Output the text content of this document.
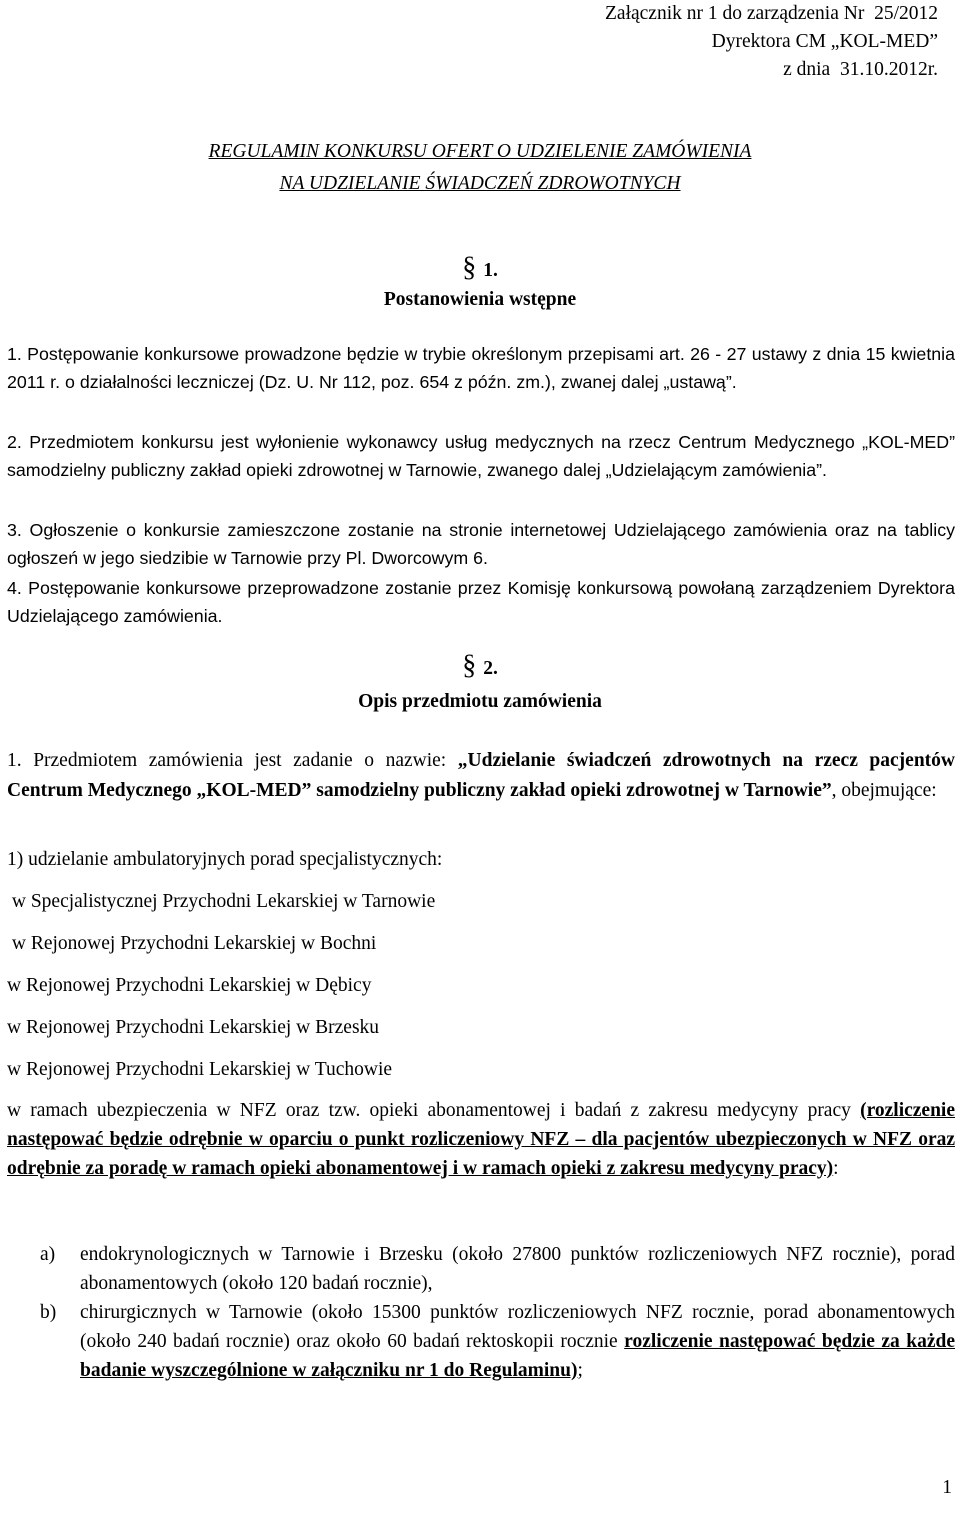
Załącznik nr 1 do zarządzenia Nr  25/2012
Dyrektora CM „KOL-MED”
z dnia  31.10.2012r.
REGULAMIN KONKURSU OFERT O UDZIELENIE ZAMÓWIENIA
NA UDZIELANIE ŚWIADCZEŃ ZDROWOTNYCH
§ 1.
Postanowienia wstępne
1. Postępowanie konkursowe prowadzone będzie w trybie określonym przepisami art. 26 - 27 ustawy z dnia 15 kwietnia 2011 r. o działalności leczniczej (Dz. U. Nr 112, poz. 654 z późn. zm.), zwanej dalej „ustawą”.
2. Przedmiotem konkursu jest wyłonienie wykonawcy usług medycznych na rzecz Centrum Medycznego „KOL-MED” samodzielny publiczny zakład opieki zdrowotnej w Tarnowie, zwanego dalej „Udzielającym zamówienia”.
3. Ogłoszenie o konkursie zamieszczone zostanie na stronie internetowej Udzielającego zamówienia oraz na tablicy ogłoszeń w jego siedzibie w Tarnowie przy Pl. Dworcowym 6.
4. Postępowanie konkursowe przeprowadzone zostanie przez Komisję konkursową powołaną zarządzeniem Dyrektora Udzielającego zamówienia.
§ 2.
Opis przedmiotu zamówienia
1. Przedmiotem zamówienia jest zadanie o nazwie: „Udzielanie świadczeń zdrowotnych na rzecz pacjentów Centrum Medycznego „KOL-MED” samodzielny publiczny zakład opieki zdrowotnej w Tarnowie”, obejmujące:
1) udzielanie ambulatoryjnych porad specjalistycznych:
w Specjalistycznej Przychodni Lekarskiej w Tarnowie
w Rejonowej Przychodni Lekarskiej w Bochni
w Rejonowej Przychodni Lekarskiej w Dębicy
w Rejonowej Przychodni Lekarskiej w Brzesku
w Rejonowej Przychodni Lekarskiej w Tuchowie
w ramach ubezpieczenia w NFZ oraz tzw. opieki abonamentowej i badań z zakresu medycyny pracy (rozliczenie następować będzie odrębnie w oparciu o punkt rozliczeniowy NFZ – dla pacjentów ubezpieczonych w NFZ oraz odrębnie za poradę w ramach opieki abonamentowej i w ramach opieki z zakresu medycyny pracy):
a) endokrynologicznych w Tarnowie i Brzesku (około 27800 punktów rozliczeniowych NFZ rocznie), porad abonamentowych (około 120 badań rocznie),
b) chirurgicznych w Tarnowie (około 15300 punktów rozliczeniowych NFZ rocznie, porad abonamentowych (około 240 badań rocznie) oraz około 60 badań rektoskopii rocznie rozliczenie następować będzie za każde badanie wyszczególnione w załączniku nr 1 do Regulaminu);
1
